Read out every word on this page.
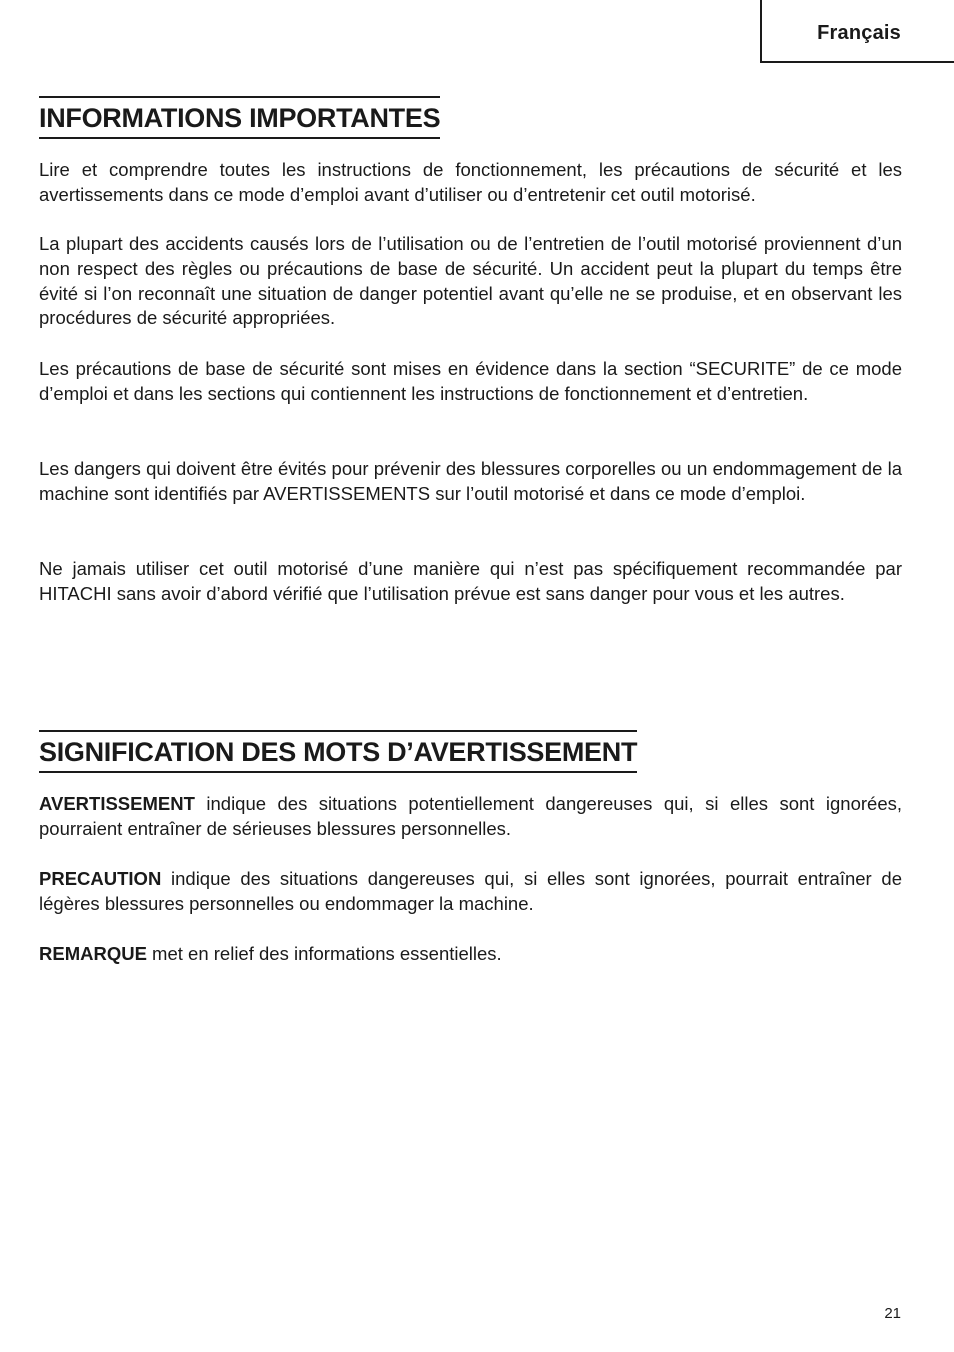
Français
INFORMATIONS IMPORTANTES

Lire et comprendre toutes les instructions de fonctionnement, les précautions de sécurité et les avertissements dans ce mode d’emploi avant d’utiliser ou d’entretenir cet outil motorisé.

La plupart des accidents causés lors de l’utilisation ou de l’entretien de l’outil motorisé proviennent d’un non respect des règles ou précautions de base de sécurité. Un accident peut la plupart du temps être évité si l’on reconnaît une situation de danger potentiel avant qu’elle ne se produise, et en observant les procédures de sécurité appropriées.

Les précautions de base de sécurité sont mises en évidence dans la section “SECURITE” de ce mode d’emploi et dans les sections qui contiennent les instructions de fonctionnement et d’entretien.

Les dangers qui doivent être évités pour prévenir des blessures corporelles ou un endommagement de la machine sont identifiés par AVERTISSEMENTS sur l’outil motorisé et dans ce mode d’emploi.

Ne jamais utiliser cet outil motorisé d’une manière qui n’est pas spécifiquement recommandée par HITACHI sans avoir d’abord vérifié que l’utilisation prévue est sans danger pour vous et les autres.

SIGNIFICATION DES MOTS D’AVERTISSEMENT

AVERTISSEMENT indique des situations potentiellement dangereuses qui, si elles sont ignorées, pourraient entraîner de sérieuses blessures personnelles.

PRECAUTION indique des situations dangereuses qui, si elles sont ignorées, pourrait entraîner de légères blessures personnelles ou endommager la machine.

REMARQUE met en relief des informations essentielles.

21
